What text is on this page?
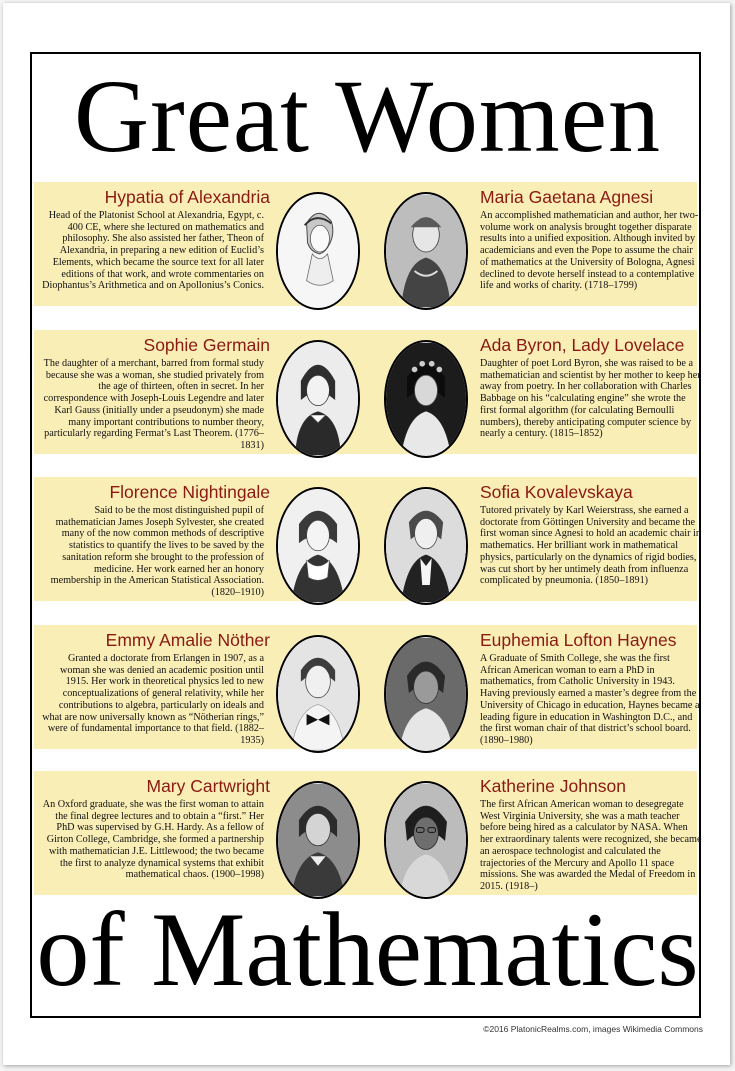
Great Women
Hypatia of Alexandria
Head of the Platonist School at Alexandria, Egypt, c. 400 CE, where she lectured on mathematics and philosophy. She also assisted her father, Theon of Alexandria, in preparing a new edition of Euclid’s Elements, which became the source text for all later editions of that work, and wrote commentaries on Diophantus’s Arithmetica and on Apollonius’s Conics.
Maria Gaetana Agnesi
An accomplished mathematician and author, her two-volume work on analysis brought together disparate results into a unified exposition. Although invited by academicians and even the Pope to assume the chair of mathematics at the University of Bologna, Agnesi declined to devote herself instead to a contemplative life and works of charity. (1718–1799)
Sophie Germain
The daughter of a merchant, barred from formal study because she was a woman, she studied privately from the age of thirteen, often in secret. In her correspondence with Joseph-Louis Legendre and later Karl Gauss (initially under a pseudonym) she made many important contributions to number theory, particularly regarding Fermat’s Last Theorem. (1776–1831)
Ada Byron, Lady Lovelace
Daughter of poet Lord Byron, she was raised to be a mathematician and scientist by her mother to keep her away from poetry. In her collaboration with Charles Babbage on his “calculating engine” she wrote the first formal algorithm (for calculating Bernoulli numbers), thereby anticipating computer science by nearly a century. (1815–1852)
Florence Nightingale
Said to be the most distinguished pupil of mathematician James Joseph Sylvester, she created many of the now common methods of descriptive statistics to quantify the lives to be saved by the sanitation reform she brought to the profession of medicine. Her work earned her an honory membership in the American Statistical Association. (1820–1910)
Sofia Kovalevskaya
Tutored privately by Karl Weierstrass, she earned a doctorate from Göttingen University and became the first woman since Agnesi to hold an academic chair in mathematics. Her brilliant work in mathematical physics, particularly on the dynamics of rigid bodies, was cut short by her untimely death from influenza complicated by pneumonia. (1850–1891)
Emmy Amalie Nöther
Granted a doctorate from Erlangen in 1907, as a woman she was denied an academic position until 1915. Her work in theoretical physics led to new conceptualizations of general relativity, while her contributions to algebra, particularly on ideals and what are now universally known as “Nötherian rings,” were of fundamental importance to that field. (1882–1935)
Euphemia Lofton Haynes
A Graduate of Smith College, she was the first African American woman to earn a PhD in mathematics, from Catholic University in 1943. Having previously earned a master’s degree from the University of Chicago in education, Haynes became a leading figure in education in Washington D.C., and the first woman chair of that district’s school board. (1890–1980)
Mary Cartwright
An Oxford graduate, she was the first woman to attain the final degree lectures and to obtain a “first.” Her PhD was supervised by G.H. Hardy. As a fellow of Girton College, Cambridge, she formed a partnership with mathematician J.E. Littlewood; the two became the first to analyze dynamical systems that exhibit mathematical chaos. (1900–1998)
Katherine Johnson
The first African American woman to desegregate West Virginia University, she was a math teacher before being hired as a calculator by NASA. When her extraordinary talents were recognized, she became an aerospace technologist and calculated the trajectories of the Mercury and Apollo 11 space missions. She was awarded the Medal of Freedom in 2015. (1918–)
of Mathematics
©2016 PlatonicRealms.com, images Wikimedia Commons
